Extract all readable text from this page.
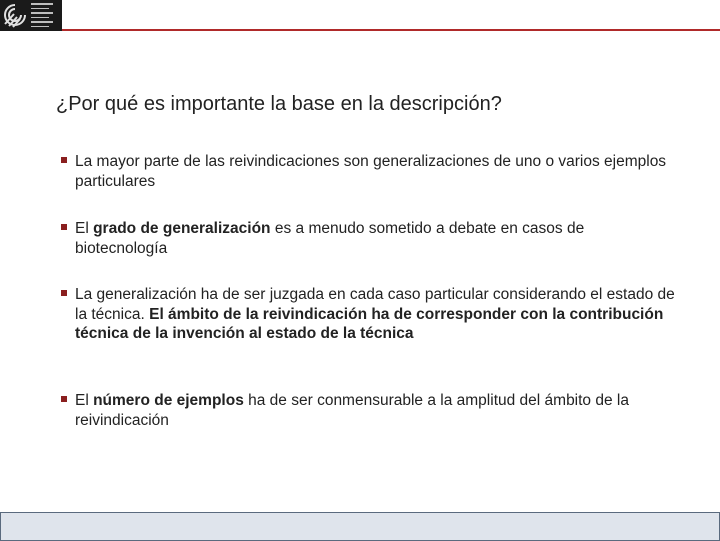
¿Por qué es importante la base en la descripción?
La mayor parte de las reivindicaciones son generalizaciones de uno o varios ejemplos particulares
El grado de generalización es a menudo sometido a debate en casos de biotecnología
La generalización ha de ser juzgada en cada caso particular considerando el estado de la técnica. El ámbito de la reivindicación ha de corresponder con la contribución técnica de la invención al estado de la técnica
El número de ejemplos ha de ser conmensurable a la amplitud del ámbito de la reivindicación
